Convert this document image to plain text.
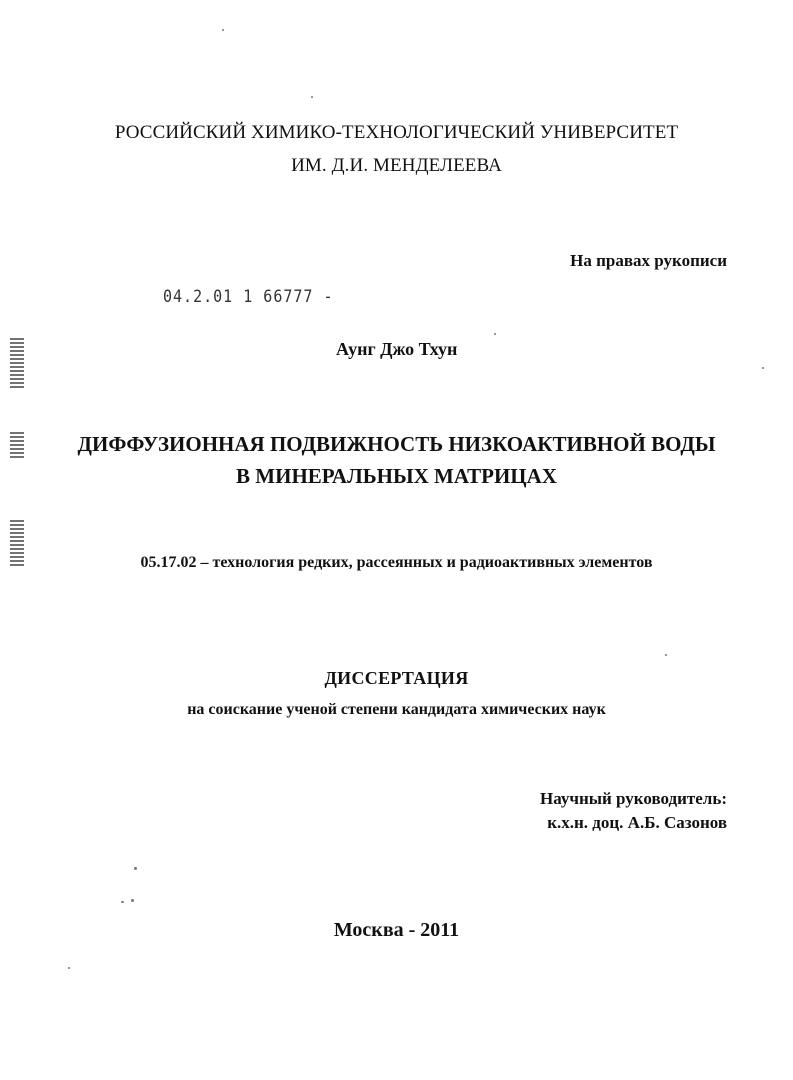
РОССИЙСКИЙ ХИМИКО-ТЕХНОЛОГИЧЕСКИЙ УНИВЕРСИТЕТ
ИМ. Д.И. МЕНДЕЛЕЕВА
На правах рукописи
04.2.01 1 66777 -
Аунг Джо Тхун
ДИФФУЗИОННАЯ ПОДВИЖНОСТЬ НИЗКОАКТИВНОЙ ВОДЫ
В МИНЕРАЛЬНЫХ МАТРИЦАХ
05.17.02 – технология редких, рассеянных и радиоактивных элементов
ДИССЕРТАЦИЯ
на соискание ученой степени кандидата химических наук
Научный руководитель:
к.х.н. доц. А.Б. Сазонов
Москва - 2011
